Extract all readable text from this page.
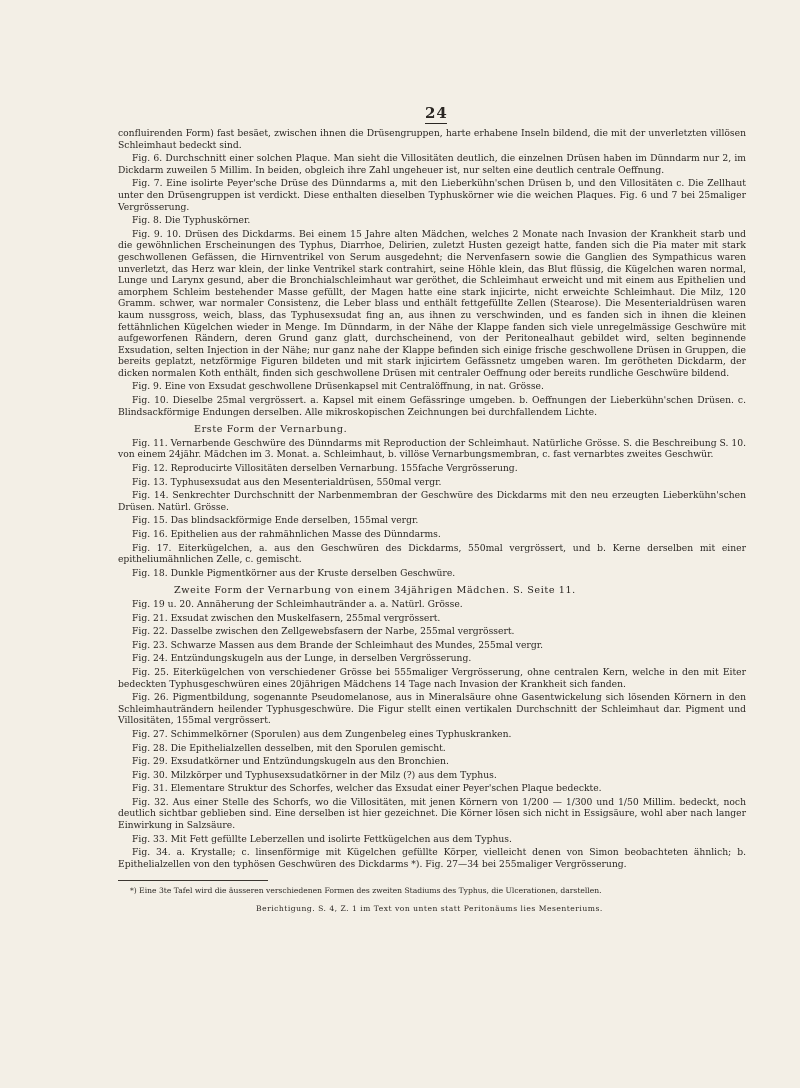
24

confluirenden Form) fast besäet, zwischen ihnen die Drüsengruppen, harte erhabene Inseln bildend, die mit der unverletzten villösen Schleimhaut bedeckt sind.

Fig. 6. Durchschnitt einer solchen Plaque. Man sieht die Villositäten deutlich, die einzelnen Drüsen haben im Dünndarm nur 2, im Dickdarm zuweilen 5 Millim. In beiden, obgleich ihre Zahl ungeheuer ist, nur selten eine deutlich centrale Oeffnung.

Fig. 7. Eine isolirte Peyer'sche Drüse des Dünndarms a, mit den Lieberkühn'schen Drüsen b, und den Villositäten c. Die Zellhaut unter den Drüsengruppen ist verdickt. Diese enthalten dieselben Typhuskörner wie die weichen Plaques. Fig. 6 und 7 bei 25maliger Vergrösserung.

Fig. 8. Die Typhuskörner.

Fig. 9. 10. Drüsen des Dickdarms. Bei einem 15 Jahre alten Mädchen, welches 2 Monate nach Invasion der Krankheit starb und die gewöhnlichen Erscheinungen des Typhus, Diarrhoe, Delirien, zuletzt Husten gezeigt hatte, fanden sich die Pia mater mit stark geschwollenen Gefässen, die Hirnventrikel von Serum ausgedehnt; die Nervenfasern sowie die Ganglien des Sympathicus waren unverletzt, das Herz war klein, der linke Ventrikel stark contrahirt, seine Höhle klein, das Blut flüssig, die Kügelchen waren normal, Lunge und Larynx gesund, aber die Bronchialschleimhaut war geröthet, die Schleimhaut erweicht und mit einem aus Epithelien und amorphem Schleim bestehender Masse gefüllt, der Magen hatte eine stark injicirte, nicht erweichte Schleimhaut. Die Milz, 120 Gramm. schwer, war normaler Consistenz, die Leber blass und enthält fettgefüllte Zellen (Stearose). Die Mesenterialdrüsen waren kaum nussgross, weich, blass, das Typhusexsudat fing an, aus ihnen zu verschwinden, und es fanden sich in ihnen die kleinen fettähnlichen Kügelchen wieder in Menge. Im Dünndarm, in der Nähe der Klappe fanden sich viele unregelmässige Geschwüre mit aufgeworfenen Rändern, deren Grund ganz glatt, durchscheinend, von der Peritonealhaut gebildet wird, selten beginnende Exsudation, selten Injection in der Nähe; nur ganz nahe der Klappe befinden sich einige frische geschwollene Drüsen in Gruppen, die bereits geplatzt, netzförmige Figuren bildeten und mit stark injicirtem Gefässnetz umgeben waren. Im gerötheten Dickdarm, der dicken normalen Koth enthält, finden sich geschwollene Drüsen mit centraler Oeffnung oder bereits rundliche Geschwüre bildend.

Fig. 9. Eine von Exsudat geschwollene Drüsenkapsel mit Centralöffnung, in nat. Grösse.

Fig. 10. Dieselbe 25mal vergrössert. a. Kapsel mit einem Gefässringe umgeben. b. Oeffnungen der Lieberkühn'schen Drüsen. c. Blindsackförmige Endungen derselben. Alle mikroskopischen Zeichnungen bei durchfallendem Lichte.

Erste Form der Vernarbung.

Fig. 11. Vernarbende Geschwüre des Dünndarms mit Reproduction der Schleimhaut. Natürliche Grösse. S. die Beschreibung S. 10. von einem 24jähr. Mädchen im 3. Monat. a. Schleimhaut, b. villöse Vernarbungsmembran, c. fast vernarbtes zweites Geschwür.

Fig. 12. Reproducirte Villositäten derselben Vernarbung. 155fache Vergrösserung.

Fig. 13. Typhusexsudat aus den Mesenterialdrüsen, 550mal vergr.

Fig. 14. Senkrechter Durchschnitt der Narbenmembran der Geschwüre des Dickdarms mit den neu erzeugten Lieberkühn'schen Drüsen. Natürl. Grösse.

Fig. 15. Das blindsackförmige Ende derselben, 155mal vergr.

Fig. 16. Epithelien aus der rahmähnlichen Masse des Dünndarms.

Fig. 17. Eiterkügelchen, a. aus den Geschwüren des Dickdarms, 550mal vergrössert, und b. Kerne derselben mit einer epitheliumähnlichen Zelle, c. gemischt.

Fig. 18. Dunkle Pigmentkörner aus der Kruste derselben Geschwüre.

Zweite Form der Vernarbung von einem 34jährigen Mädchen. S. Seite 11.

Fig. 19 u. 20. Annäherung der Schleimhautränder a. a. Natürl. Grösse.

Fig. 21. Exsudat zwischen den Muskelfasern, 255mal vergrössert.

Fig. 22. Dasselbe zwischen den Zellgewebsfasern der Narbe, 255mal vergrössert.

Fig. 23. Schwarze Massen aus dem Brande der Schleimhaut des Mundes, 255mal vergr.

Fig. 24. Entzündungskugeln aus der Lunge, in derselben Vergrösserung.

Fig. 25. Eiterkügelchen von verschiedener Grösse bei 555maliger Vergrösserung, ohne centralen Kern, welche in den mit Eiter bedeckten Typhusgeschwüren eines 20jährigen Mädchens 14 Tage nach Invasion der Krankheit sich fanden.

Fig. 26. Pigmentbildung, sogenannte Pseudomelanose, aus in Mineralsäure ohne Gasentwickelung sich lösenden Körnern in den Schleimhauträndern heilender Typhusgeschwüre. Die Figur stellt einen vertikalen Durchschnitt der Schleimhaut dar. Pigment und Villositäten, 155mal vergrössert.

Fig. 27. Schimmelkörner (Sporulen) aus dem Zungenbeleg eines Typhuskranken.

Fig. 28. Die Epithelialzellen desselben, mit den Sporulen gemischt.

Fig. 29. Exsudatkörner und Entzündungskugeln aus den Bronchien.

Fig. 30. Milzkörper und Typhusexsudatkörner in der Milz (?) aus dem Typhus.

Fig. 31. Elementare Struktur des Schorfes, welcher das Exsudat einer Peyer'schen Plaque bedeckte.

Fig. 32. Aus einer Stelle des Schorfs, wo die Villositäten, mit jenen Körnern von 1/200 — 1/300 und 1/50 Millim. bedeckt, noch deutlich sichtbar geblieben sind. Eine derselben ist hier gezeichnet. Die Körner lösen sich nicht in Essigsäure, wohl aber nach langer Einwirkung in Salzsäure.

Fig. 33. Mit Fett gefüllte Leberzellen und isolirte Fettkügelchen aus dem Typhus.

Fig. 34. a. Krystalle; c. linsenförmige mit Kügelchen gefüllte Körper, vielleicht denen von Simon beobachteten ähnlich; b. Epithelialzellen von den typhösen Geschwüren des Dickdarms *). Fig. 27—34 bei 255maliger Vergrösserung.

*) Eine 3te Tafel wird die äusseren verschiedenen Formen des zweiten Stadiums des Typhus, die Ulcerationen, darstellen.

Berichtigung. S. 4, Z. 1 im Text von unten statt Peritonäums lies Mesenteriums.
